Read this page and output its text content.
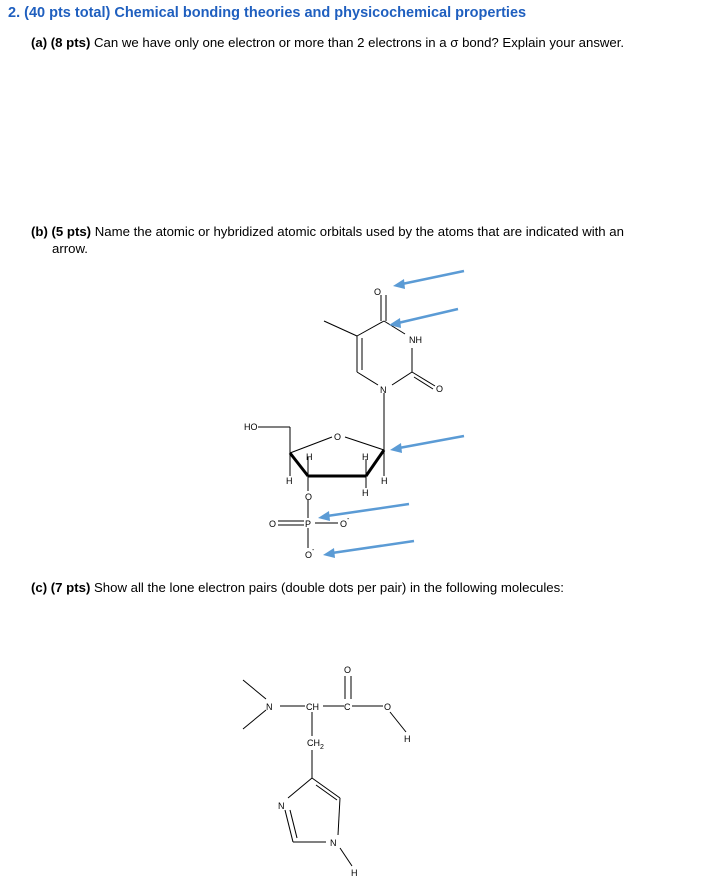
2. (40 pts total) Chemical bonding theories and physicochemical properties
(a) (8 pts) Can we have only one electron or more than 2 electrons in a σ bond? Explain your answer.
(b) (5 pts) Name the atomic or hybridized atomic orbitals used by the atoms that are indicated with an
arrow.
(c) (7 pts) Show all the lone electron pairs (double dots per pair) in the following molecules:
O
NH
N	O
HO
O
H	H
H	H
H
O
O	P	O -
O -
N	CH	C
O
O
H
$CH_2$
N
N
H
